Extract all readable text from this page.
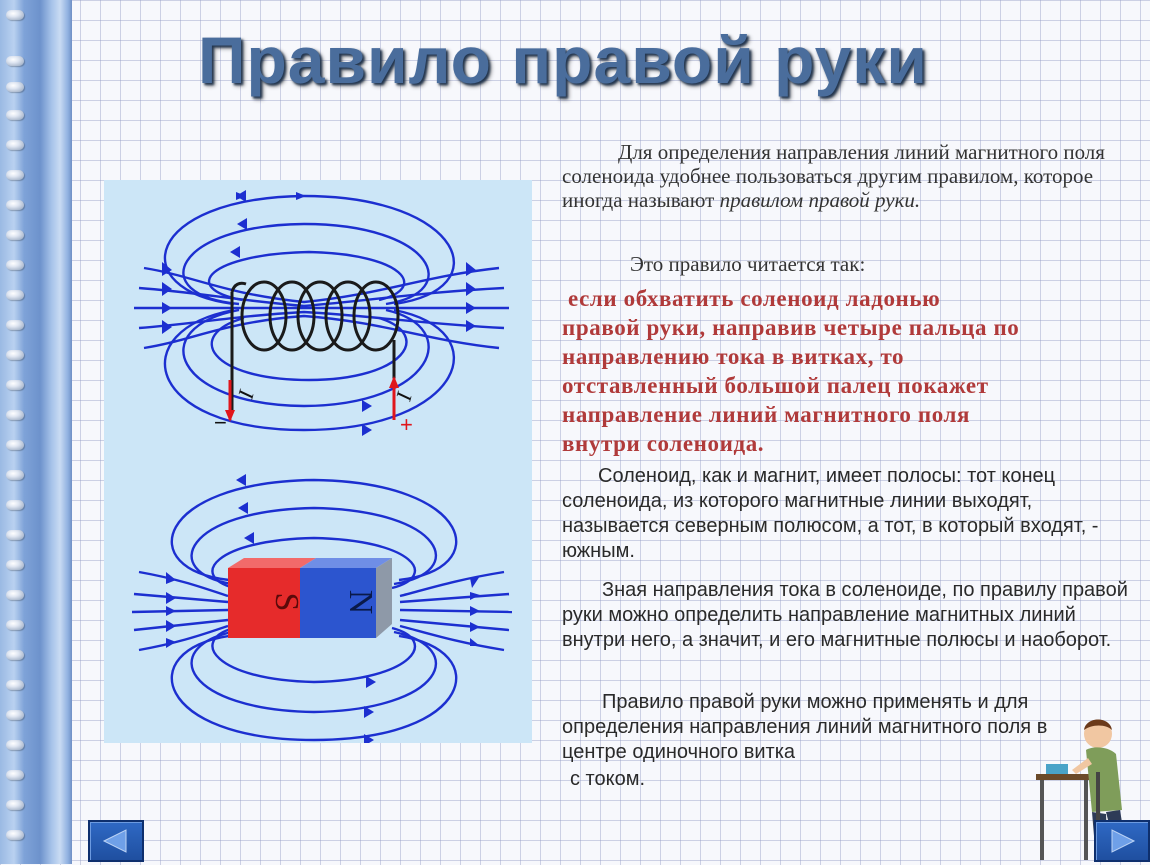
Правило правой руки
I	I
−	+
S N

Для определения направления линий магнитного поля соленоида удобнее пользоваться другим правилом, которое иногда называют правилом правой руки.

Это правило читается так:

если обхватить соленоид ладонью

правой руки, направив четыре пальца по

направлению тока в витках, то

отставленный большой палец покажет

направление линий магнитного поля

внутри соленоида.

Соленоид, как и магнит, имеет полосы: тот конец соленоида, из которого магнитные линии выходят, называется северным полюсом, а тот, в который входят, - южным.

Зная направления тока в соленоиде, по правилу правой руки можно определить направление магнитных линий внутри него, а значит, и его магнитные полюсы и наоборот.

Правило правой руки можно применять и для определения направления линий магнитного поля в центре одиночного витка

с током.
